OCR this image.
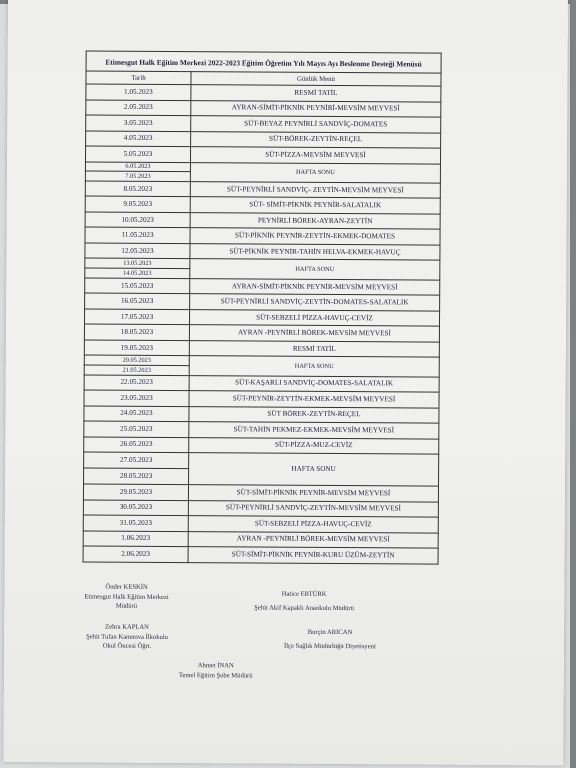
Etimesgut Halk Eğitim Merkezi 2022-2023 Eğitim Öğretim Yılı Mayıs Ayı Beslenme Desteği Menüsü
Tarih	Günlük Menü
1.05.2023	RESMİ TATİL
2.05.2023	AYRAN-SİMİT-PİKNİK PEYNİRİ-MEVSİM MEYVESİ
3.05.2023	SÜT-BEYAZ PEYNİRLİ SANDVİÇ-DOMATES
4.05.2023	SÜT-BÖREK-ZEYTİN-REÇEL
5.05.2023	SÜT-PİZZA-MEVSİM MEYVESİ
6.05.2023	HAFTA SONU
7.05.2023	
8.05.2023	SÜT-PEYNİRLİ SANDVİÇ- ZEYTİN-MEVSİM MEYVESİ
9.05.2023	SÜT- SİMİT-PİKNİK PEYNİR-SALATALIK
10.05.2023	PEYNİRLİ BÖREK-AYRAN-ZEYTİN
11.05.2023	SÜT-PİKNİK PEYNİR-ZEYTİN-EKMEK-DOMATES
12.05.2023	SÜT-PİKNİK PEYNİR-TAHİN HELVA-EKMEK-HAVUÇ
13.05.2023	HAFTA SONU
14.05.2023	
15.05.2023	AYRAN-SİMİT-PİKNİK PEYNİR-MEVSİM MEYVESİ
16.05.2023	SÜT-PEYNİRLİ SANDVİÇ-ZEYTİN-DOMATES-SALATALIK
17.05.2023	SÜT-SEBZELİ PİZZA-HAVUÇ-CEVİZ
18.05.2023	AYRAN -PEYNİRLİ BÖREK-MEVSİM MEYVESİ
19.05.2023	RESMİ TATİL
20.05.2023	HAFTA SONU
21.05.2023	
22.05.2023	SÜT-KAŞARLI SANDVİÇ-DOMATES-SALATALIK
23.05.2023	SÜT-PEYNİR-ZEYTİN-EKMEK-MEVSİM MEYVESİ
24.05.2023	SÜT BÖREK-ZEYTİN-REÇEL
25.05.2023	SÜT-TAHİN PEKMEZ-EKMEK-MEVSİM MEYVESİ
26.05.2023	SÜT-PİZZA-MUZ-CEVİZ
27.05.2023	HAFTA SONU
28.05.2023	
29.05.2023	SÜT-SİMİT-PİKNİK PEYNİR-MEVSİM MEYVESİ
30.05.2023	SÜT-PEYNİRLİ SANDVİÇ-ZEYTİN-MEVSİM MEYVESİ
31.05.2023	SÜT-SEBZELİ PİZZA-HAVUÇ-CEVİZ
1.06.2023	AYRAN -PEYNİRLİ BÖREK-MEVSİM MEYVESİ
2.06.2023	SÜT-SİMİT-PİKNİK PEYNİR-KURU ÜZÜM-ZEYTİN
Önder KESKİN
Etimesgut Halk Eğitim Merkezi
Müdürü
Hatice ERTÜRK
Şehit Akif Kapaklı Anaokulu Müdürü
Zehra KAPLAN
Şehit Tufan Kamnova İlkokulu
Okul Öncesi Öğrt.
Burçin ARICAN
İlçe Sağlık Müdürlüğü Diyetisyeni
Ahmet İNAN
Temel Eğitim Şube Müdürü
